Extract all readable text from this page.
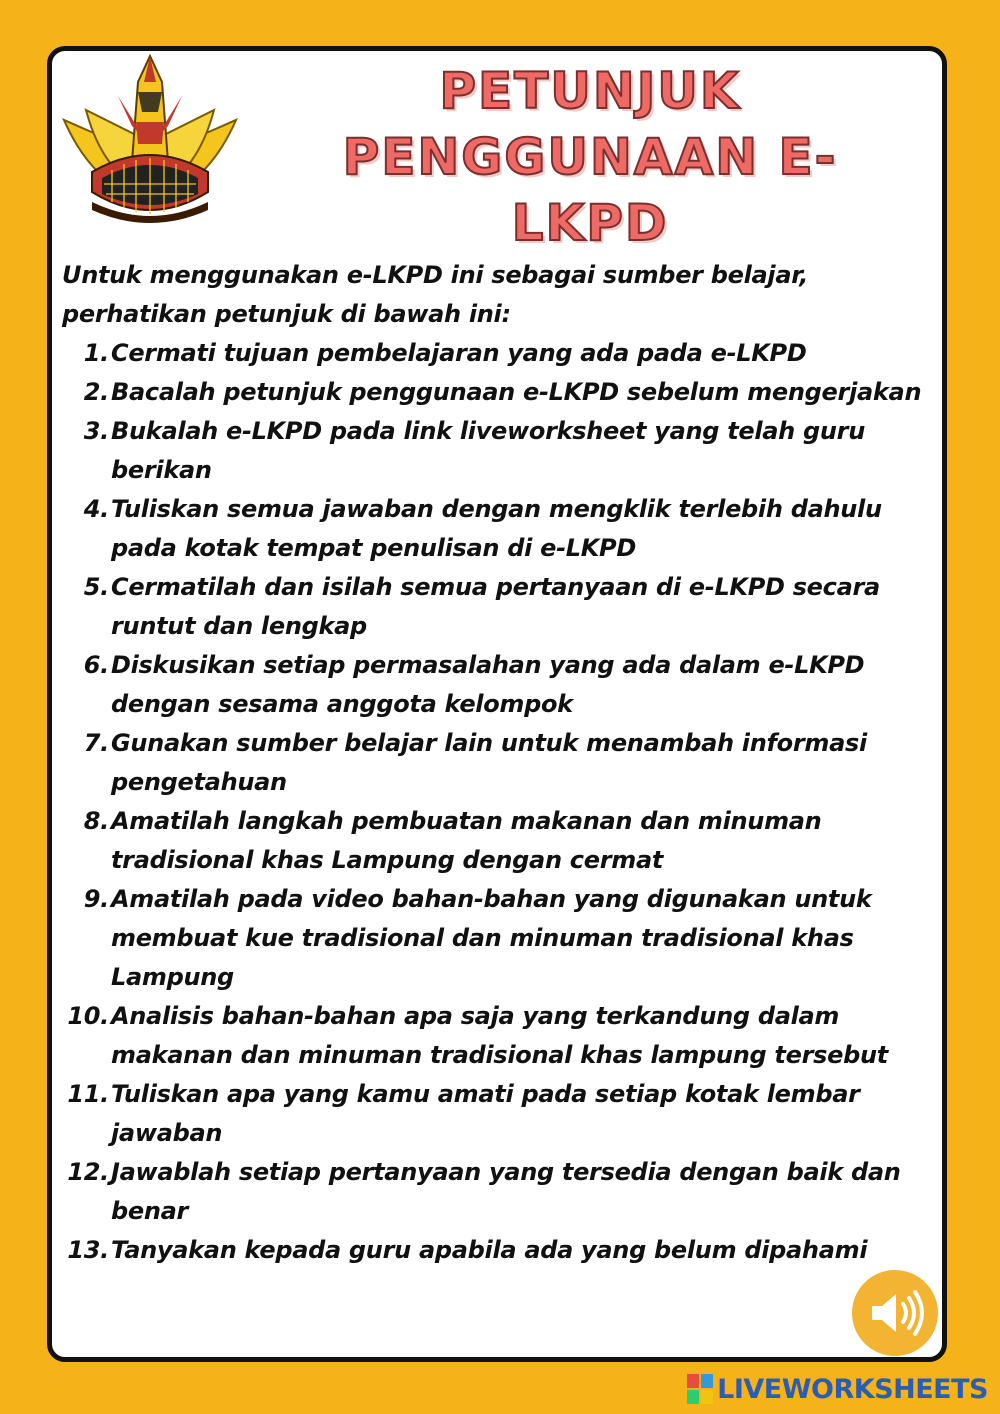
PETUNJUK
PENGGUNAAN E-LKPD

Untuk menggunakan e-LKPD ini sebagai sumber belajar,

perhatikan petunjuk di bawah ini:

1. Cermati tujuan pembelajaran yang ada pada e-LKPD
2. Bacalah petunjuk penggunaan e-LKPD sebelum mengerjakan
3. Bukalah e-LKPD pada link liveworksheet yang telah guru berikan
4. Tuliskan semua jawaban dengan mengklik terlebih dahulu pada kotak tempat penulisan di e-LKPD
5. Cermatilah dan isilah semua pertanyaan di e-LKPD secara runtut dan lengkap
6. Diskusikan setiap permasalahan yang ada dalam e-LKPD dengan sesama anggota kelompok
7. Gunakan sumber belajar lain untuk menambah informasi pengetahuan
8. Amatilah langkah pembuatan makanan dan minuman tradisional khas Lampung dengan cermat
9. Amatilah pada video bahan-bahan yang digunakan untuk membuat kue tradisional dan minuman tradisional khas Lampung
10. Analisis bahan-bahan apa saja yang terkandung dalam makanan dan minuman tradisional khas lampung tersebut
11. Tuliskan apa yang kamu amati pada setiap kotak lembar jawaban
12. Jawablah setiap pertanyaan yang tersedia dengan baik dan benar
13. Tanyakan kepada guru apabila ada yang belum dipahami
LIVEWORKSHEETS
